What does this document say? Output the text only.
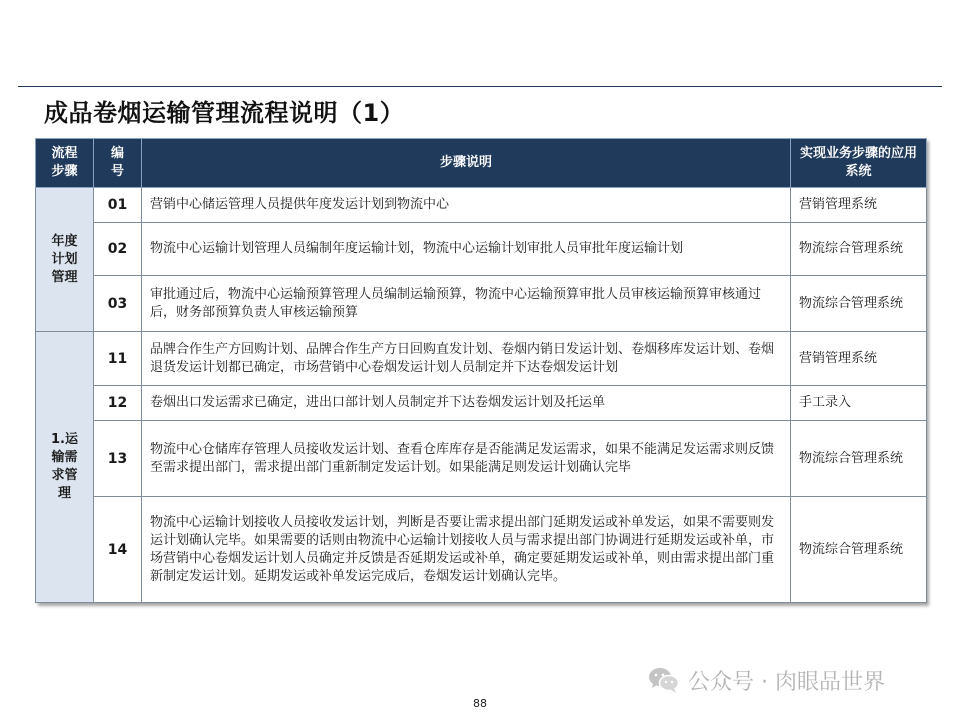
成品卷烟运输管理流程说明（1）
流程步骤	编号	步骤说明	实现业务步骤的应用系统
年度计划管理	01	营销中心储运管理人员提供年度发运计划到物流中心	营销管理系统
	02	物流中心运输计划管理人员编制年度运输计划，物流中心运输计划审批人员审批年度运输计划	物流综合管理系统
	03	审批通过后，物流中心运输预算管理人员编制运输预算，物流中心运输预算审批人员审核运输预算审核通过后，财务部预算负责人审核运输预算	物流综合管理系统
1.运输需求管理	11	品牌合作生产方回购计划、品牌合作生产方日回购直发计划、卷烟内销日发运计划、卷烟移库发运计划、卷烟退货发运计划都已确定，市场营销中心卷烟发运计划人员制定并下达卷烟发运计划	营销管理系统
	12	卷烟出口发运需求已确定，进出口部计划人员制定并下达卷烟发运计划及托运单	手工录入
	13	物流中心仓储库存管理人员接收发运计划、查看仓库库存是否能满足发运需求，如果不能满足发运需求则反馈至需求提出部门，需求提出部门重新制定发运计划。如果能满足则发运计划确认完毕	物流综合管理系统
	14	物流中心运输计划接收人员接收发运计划，判断是否要让需求提出部门延期发运或补单发运，如果不需要则发运计划确认完毕。如果需要的话则由物流中心运输计划接收人员与需求提出部门协调进行延期发运或补单，市场营销中心卷烟发运计划人员确定并反馈是否延期发运或补单，确定要延期发运或补单，则由需求提出部门重新制定发运计划。延期发运或补单发运完成后，卷烟发运计划确认完毕。	物流综合管理系统
公众号 · 肉眼品世界
88
